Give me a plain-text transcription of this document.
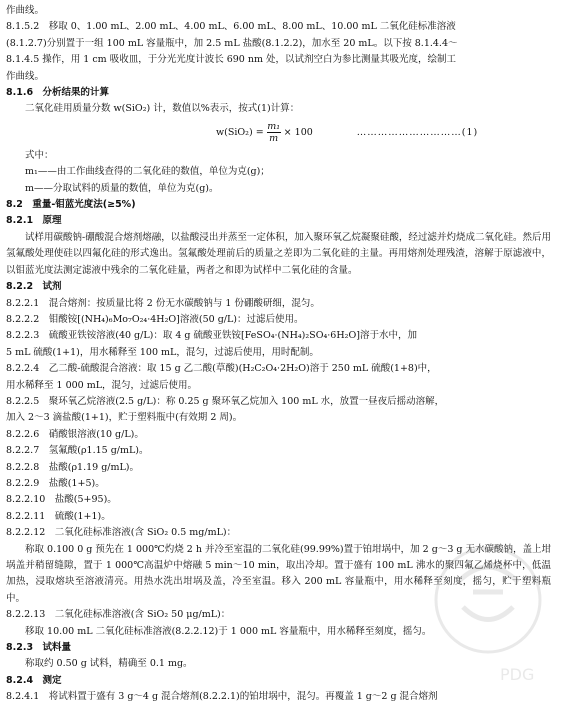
作曲线。
8.1.5.2　移取 0、1.00 mL、2.00 mL、4.00 mL、6.00 mL、8.00 mL、10.00 mL 二氧化硅标准溶液
(8.1.2.7)分别置于一组 100 mL 容量瓶中，加 2.5 mL 盐酸(8.1.2.2)，加水至 20 mL。以下按 8.1.4.4～
8.1.4.5 操作，用 1 cm 吸收皿，于分光光度计波长 690 nm 处，以试剂空白为参比测量其吸光度，绘制工
作曲线。
8.1.6　分析结果的计算
二氧化硅用质量分数 w(SiO₂) 计，数值以%表示，按式(1)计算：
$w(SiO_2) = \frac{\text{m₁}}{m} \times 100$	…………………………(1)
式中：
m₁——由工作曲线查得的二氧化硅的数值，单位为克(g)；
m——分取试料的质量的数值，单位为克(g)。
8.2　重量-钼蓝光度法(≥5%)
8.2.1　原理
试样用碳酸钠-硼酸混合熔剂熔融，以盐酸浸出并蒸至一定体积，加入聚环氧乙烷凝聚硅酸，经过滤并灼烧成二氧化硅。然后用氢氟酸处理使硅以四氟化硅的形式逸出。氢氟酸处理前后的质量之差即为二氧化硅的主量。再用熔剂处理残渣，溶解于原滤液中，以钼蓝光度法测定滤液中残余的二氧化硅量，两者之和即为试样中二氧化硅的含量。
8.2.2　试剂
8.2.2.1　混合熔剂：按质量比将 2 份无水碳酸钠与 1 份硼酸研细，混匀。
8.2.2.2　钼酸铵[(NH₄)₆Mo₇O₂₄·4H₂O]溶液(50 g/L)：过滤后使用。
8.2.2.3　硫酸亚铁铵溶液(40 g/L)：取 4 g 硫酸亚铁铵[FeSO₄·(NH₄)₂SO₄·6H₂O]溶于水中，加
5 mL 硫酸(1+1)，用水稀释至 100 mL，混匀，过滤后使用，用时配制。
8.2.2.4　乙二酸-硫酸混合溶液：取 15 g 乙二酸(草酸)(H₂C₂O₄·2H₂O)溶于 250 mL 硫酸(1+8)中，
用水稀释至 1 000 mL，混匀，过滤后使用。
8.2.2.5　聚环氧乙烷溶液(2.5 g/L)：称 0.25 g 聚环氧乙烷加入 100 mL 水，放置一昼夜后摇动溶解，
加入 2～3 滴盐酸(1+1)，贮于塑料瓶中(有效期 2 周)。
8.2.2.6　硝酸银溶液(10 g/L)。
8.2.2.7　氢氟酸(ρ1.15 g/mL)。
8.2.2.8　盐酸(ρ1.19 g/mL)。
8.2.2.9　盐酸(1+5)。
8.2.2.10　盐酸(5+95)。
8.2.2.11　硫酸(1+1)。
8.2.2.12　二氧化硅标准溶液(含 SiO₂ 0.5 mg/mL)：
称取 0.100 0 g 预先在 1 000℃灼烧 2 h 并冷至室温的二氧化硅(99.99%)置于铂坩埚中，加 2 g～3 g 无水碳酸钠，盖上坩埚盖并稍留缝隙，置于 1 000℃高温炉中熔融 5 min～10 min，取出冷却。置于盛有 100 mL 沸水的聚四氟乙烯烧杯中，低温加热，浸取熔块至溶液清亮。用热水洗出坩埚及盖，冷至室温。移入 200 mL 容量瓶中，用水稀释至刻度，摇匀，贮于塑料瓶中。
8.2.2.13　二氧化硅标准溶液(含 SiO₂ 50 μg/mL)：
移取 10.00 mL 二氧化硅标准溶液(8.2.2.12)于 1 000 mL 容量瓶中，用水稀释至刻度，摇匀。
8.2.3　试料量
称取约 0.50 g 试料，精确至 0.1 mg。
8.2.4　测定
8.2.4.1　将试料置于盛有 3 g～4 g 混合熔剂(8.2.2.1)的铂坩埚中，混匀。再覆盖 1 g～2 g 混合熔剂
PDG
